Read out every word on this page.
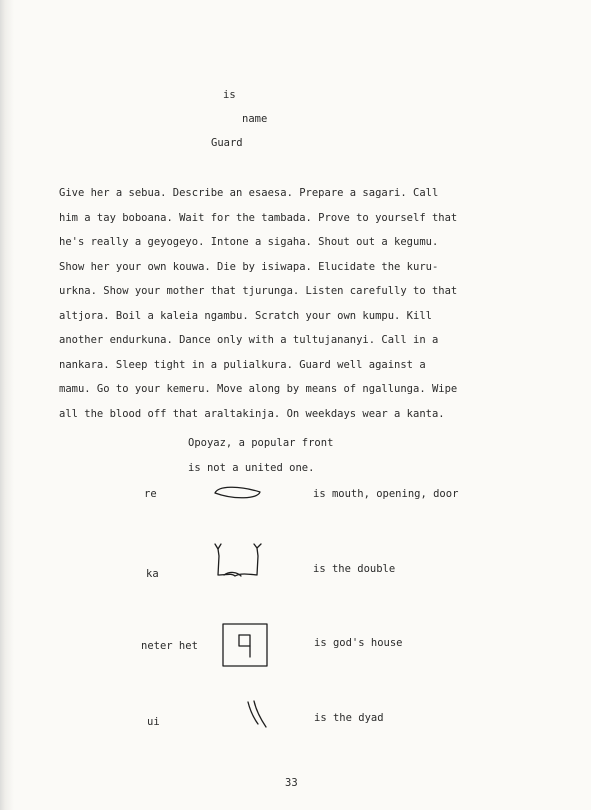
is
name
Guard
Give her a sebua. Describe an esaesa. Prepare a sagari. Call
him a tay boboana. Wait for the tambada. Prove to yourself that
he's really a geyogeyo. Intone a sigaha. Shout out a kegumu.
Show her your own kouwa. Die by isiwapa. Elucidate the kuru-
urkna. Show your mother that tjurunga. Listen carefully to that
altjora. Boil a kaleia ngambu. Scratch your own kumpu. Kill
another endurkuna. Dance only with a tultujananyi. Call in a
nankara. Sleep tight in a pulialkura. Guard well against a
mamu. Go to your kemeru. Move along by means of ngallunga. Wipe
all the blood off that araltakinja. On weekdays wear a kanta.
Opoyaz, a popular front
is not a united one.
re	is mouth, opening, door
ka	is the double
neter het	is god's house
ui	is the dyad
33
